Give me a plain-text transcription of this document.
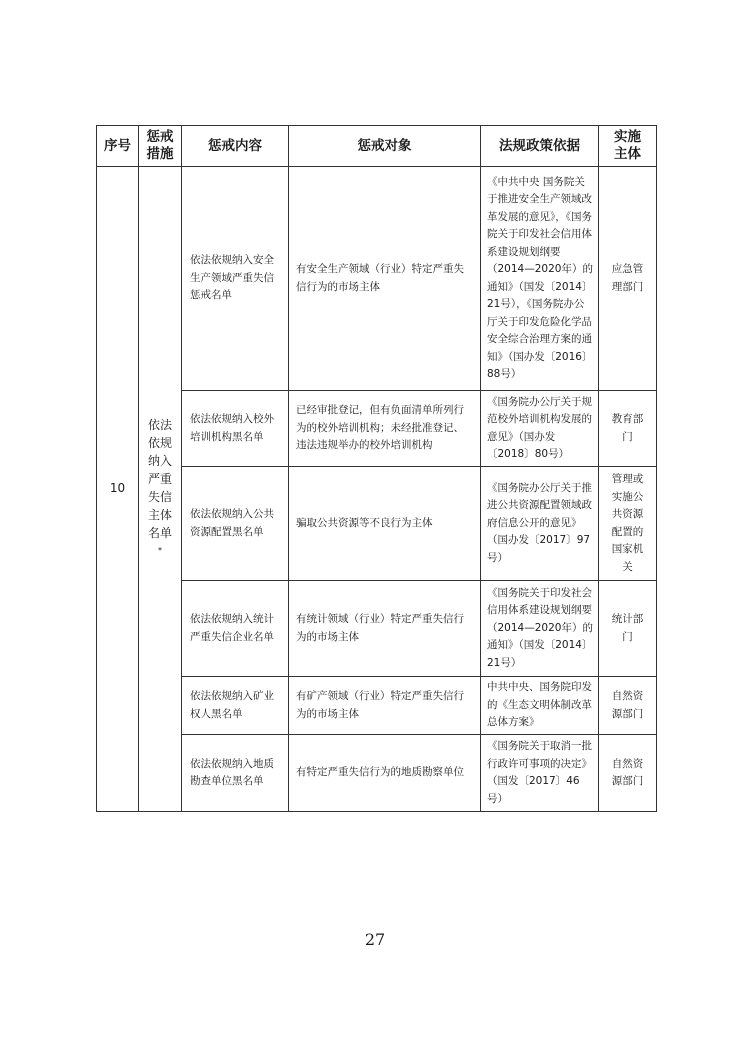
序号	惩戒措施	惩戒内容	惩戒对象	法规政策依据	实施主体
10	依法依规纳入严重失信主体名单*	依法依规纳入安全生产领域严重失信惩戒名单	有安全生产领域（行业）特定严重失信行为的市场主体	《中共中央 国务院关于推进安全生产领域改革发展的意见》，《国务院关于印发社会信用体系建设规划纲要（2014—2020年）的通知》（国发〔2014〕21号），《国务院办公厅关于印发危险化学品安全综合治理方案的通知》（国办发〔2016〕88号）	应急管理部门
		依法依规纳入校外培训机构黑名单	已经审批登记，但有负面清单所列行为的校外培训机构；未经批准登记、违法违规举办的校外培训机构	《国务院办公厅关于规范校外培训机构发展的意见》（国办发〔2018〕80号）	教育部门
		依法依规纳入公共资源配置黑名单	骗取公共资源等不良行为主体	《国务院办公厅关于推进公共资源配置领域政府信息公开的意见》（国办发〔2017〕97号）	管理或实施公共资源配置的国家机关
		依法依规纳入统计严重失信企业名单	有统计领域（行业）特定严重失信行为的市场主体	《国务院关于印发社会信用体系建设规划纲要（2014—2020年）的通知》（国发〔2014〕21号）	统计部门
		依法依规纳入矿业权人黑名单	有矿产领域（行业）特定严重失信行为的市场主体	中共中央、国务院印发的《生态文明体制改革总体方案》	自然资源部门
		依法依规纳入地质勘查单位黑名单	有特定严重失信行为的地质勘察单位	《国务院关于取消一批行政许可事项的决定》（国发〔2017〕46号）	自然资源部门
27
